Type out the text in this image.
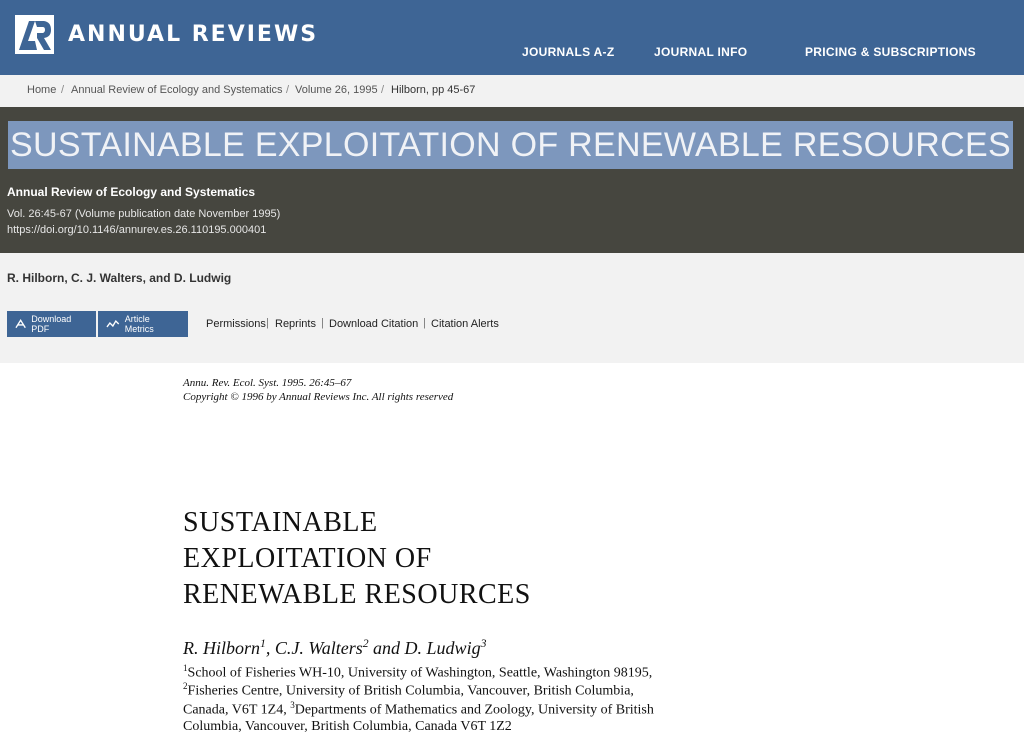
ANNUAL REVIEWS
JOURNALS A-Z	JOURNAL INFO	PRICING & SUBSCRIPTIONS
Home / Annual Review of Ecology and Systematics / Volume 26, 1995 / Hilborn, pp 45-67
SUSTAINABLE EXPLOITATION OF RENEWABLE RESOURCES
Annual Review of Ecology and Systematics
Vol. 26:45-67 (Volume publication date November 1995)
https://doi.org/10.1146/annurev.es.26.110195.000401
R. Hilborn, C. J. Walters, and D. Ludwig
Download PDF
Article Metrics	Permissions | Reprints | Download Citation | Citation Alerts
Annu. Rev. Ecol. Syst. 1995. 26:45–67
Copyright © 1996 by Annual Reviews Inc. All rights reserved
SUSTAINABLE
EXPLOITATION OF
RENEWABLE RESOURCES
R. Hilborn$^1$, C.J. Walters$^2$ and D. Ludwig$^3$
$^1$School of Fisheries WH-10, University of Washington, Seattle, Washington 98195,
$^2$Fisheries Centre, University of British Columbia, Vancouver, British Columbia,
Canada, V6T 1Z4, $^3$Departments of Mathematics and Zoology, University of British
Columbia, Vancouver, British Columbia, Canada V6T 1Z2
